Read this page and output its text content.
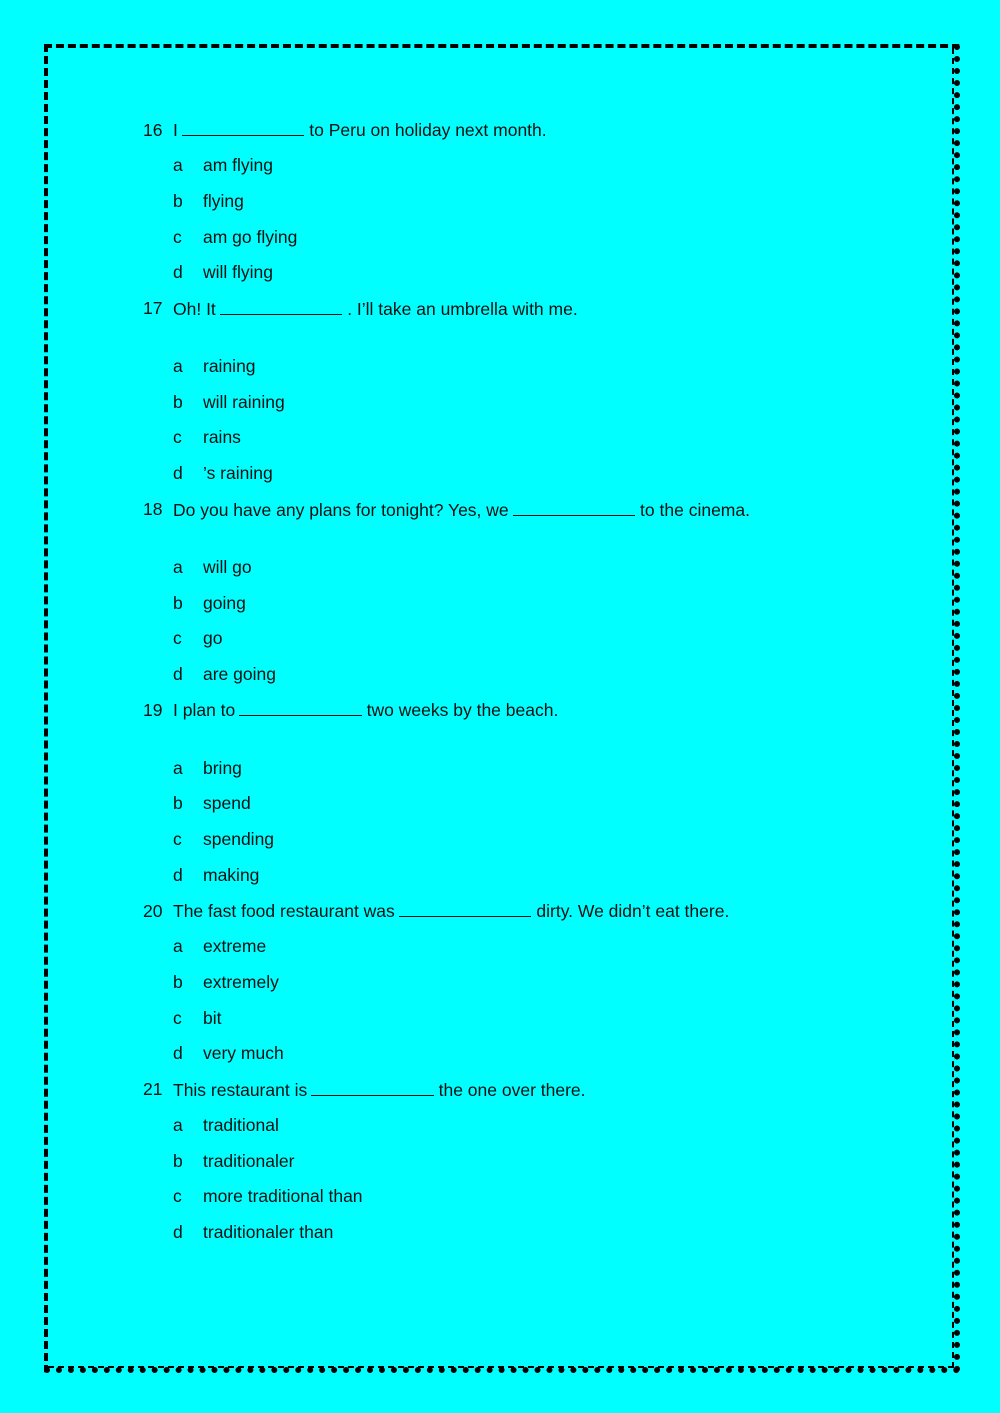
16 I	to Peru on holiday next month.
a	am flying
b	flying
c	am go flying
d	will flying
17 Oh! It	. I’ll take an umbrella with me.
a	raining
b	will raining
c	rains
d	’s raining
18 Do you have any plans for tonight? Yes, we	to the cinema.
a	will go
b	going
c	go
d	are going
19 I plan to	two weeks by the beach.
a	bring
b	spend
c	spending
d	making
20 The fast food restaurant was	dirty. We didn’t eat there.
a	extreme
b	extremely
c	bit
d	very much
21 This restaurant is	the one over there.
a	traditional
b	traditionaler
c	more traditional than
d	traditionaler than
